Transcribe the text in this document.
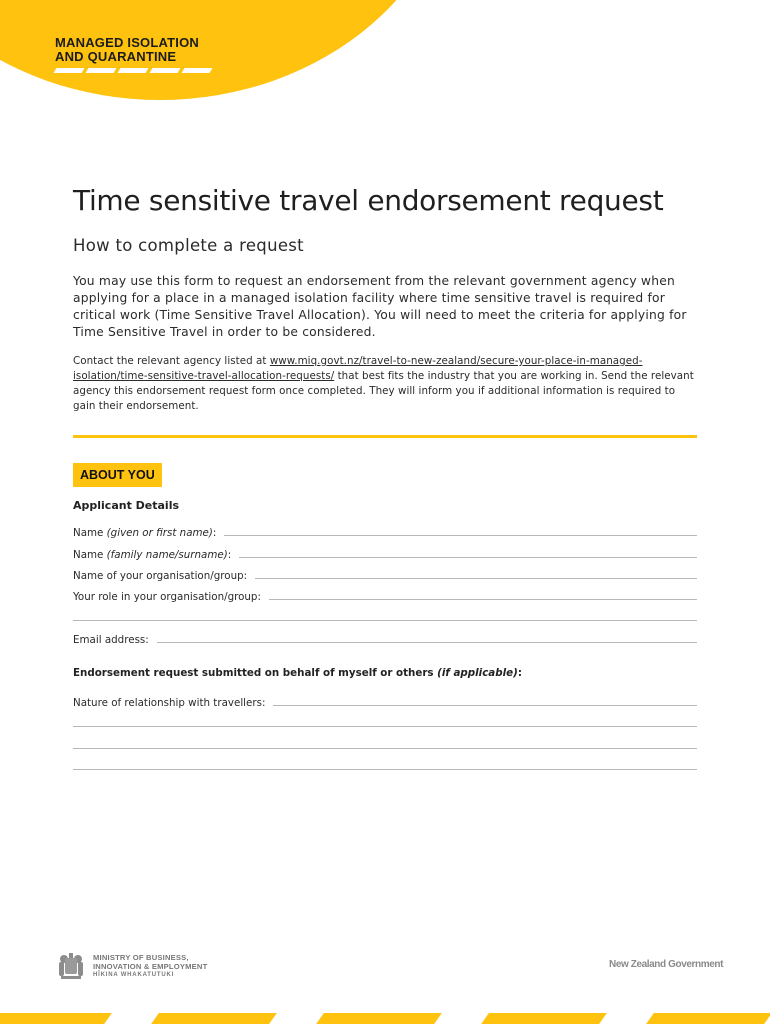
MANAGED ISOLATION
AND QUARANTINE
Time sensitive travel endorsement request
How to complete a request

You may use this form to request an endorsement from the relevant government agency when applying for a place in a managed isolation facility where time sensitive travel is required for critical work (Time Sensitive Travel Allocation). You will need to meet the criteria for applying for Time Sensitive Travel in order to be considered.

Contact the relevant agency listed at www.miq.govt.nz/travel-to-new-zealand/secure-your-place-in-managed-isolation/time-sensitive-travel-allocation-requests/ that best fits the industry that you are working in. Send the relevant agency this endorsement request form once completed. They will inform you if additional information is required to gain their endorsement.

ABOUT YOU
Applicant Details
Name (given or first name):
Name (family name/surname):
Name of your organisation/group:
Your role in your organisation/group:
Email address:

Endorsement request submitted on behalf of myself or others (if applicable):

Nature of relationship with travellers:
MINISTRY OF BUSINESS,
INNOVATION & EMPLOYMENT
HĪKINA WHAKATUTUKI
New Zealand Government
